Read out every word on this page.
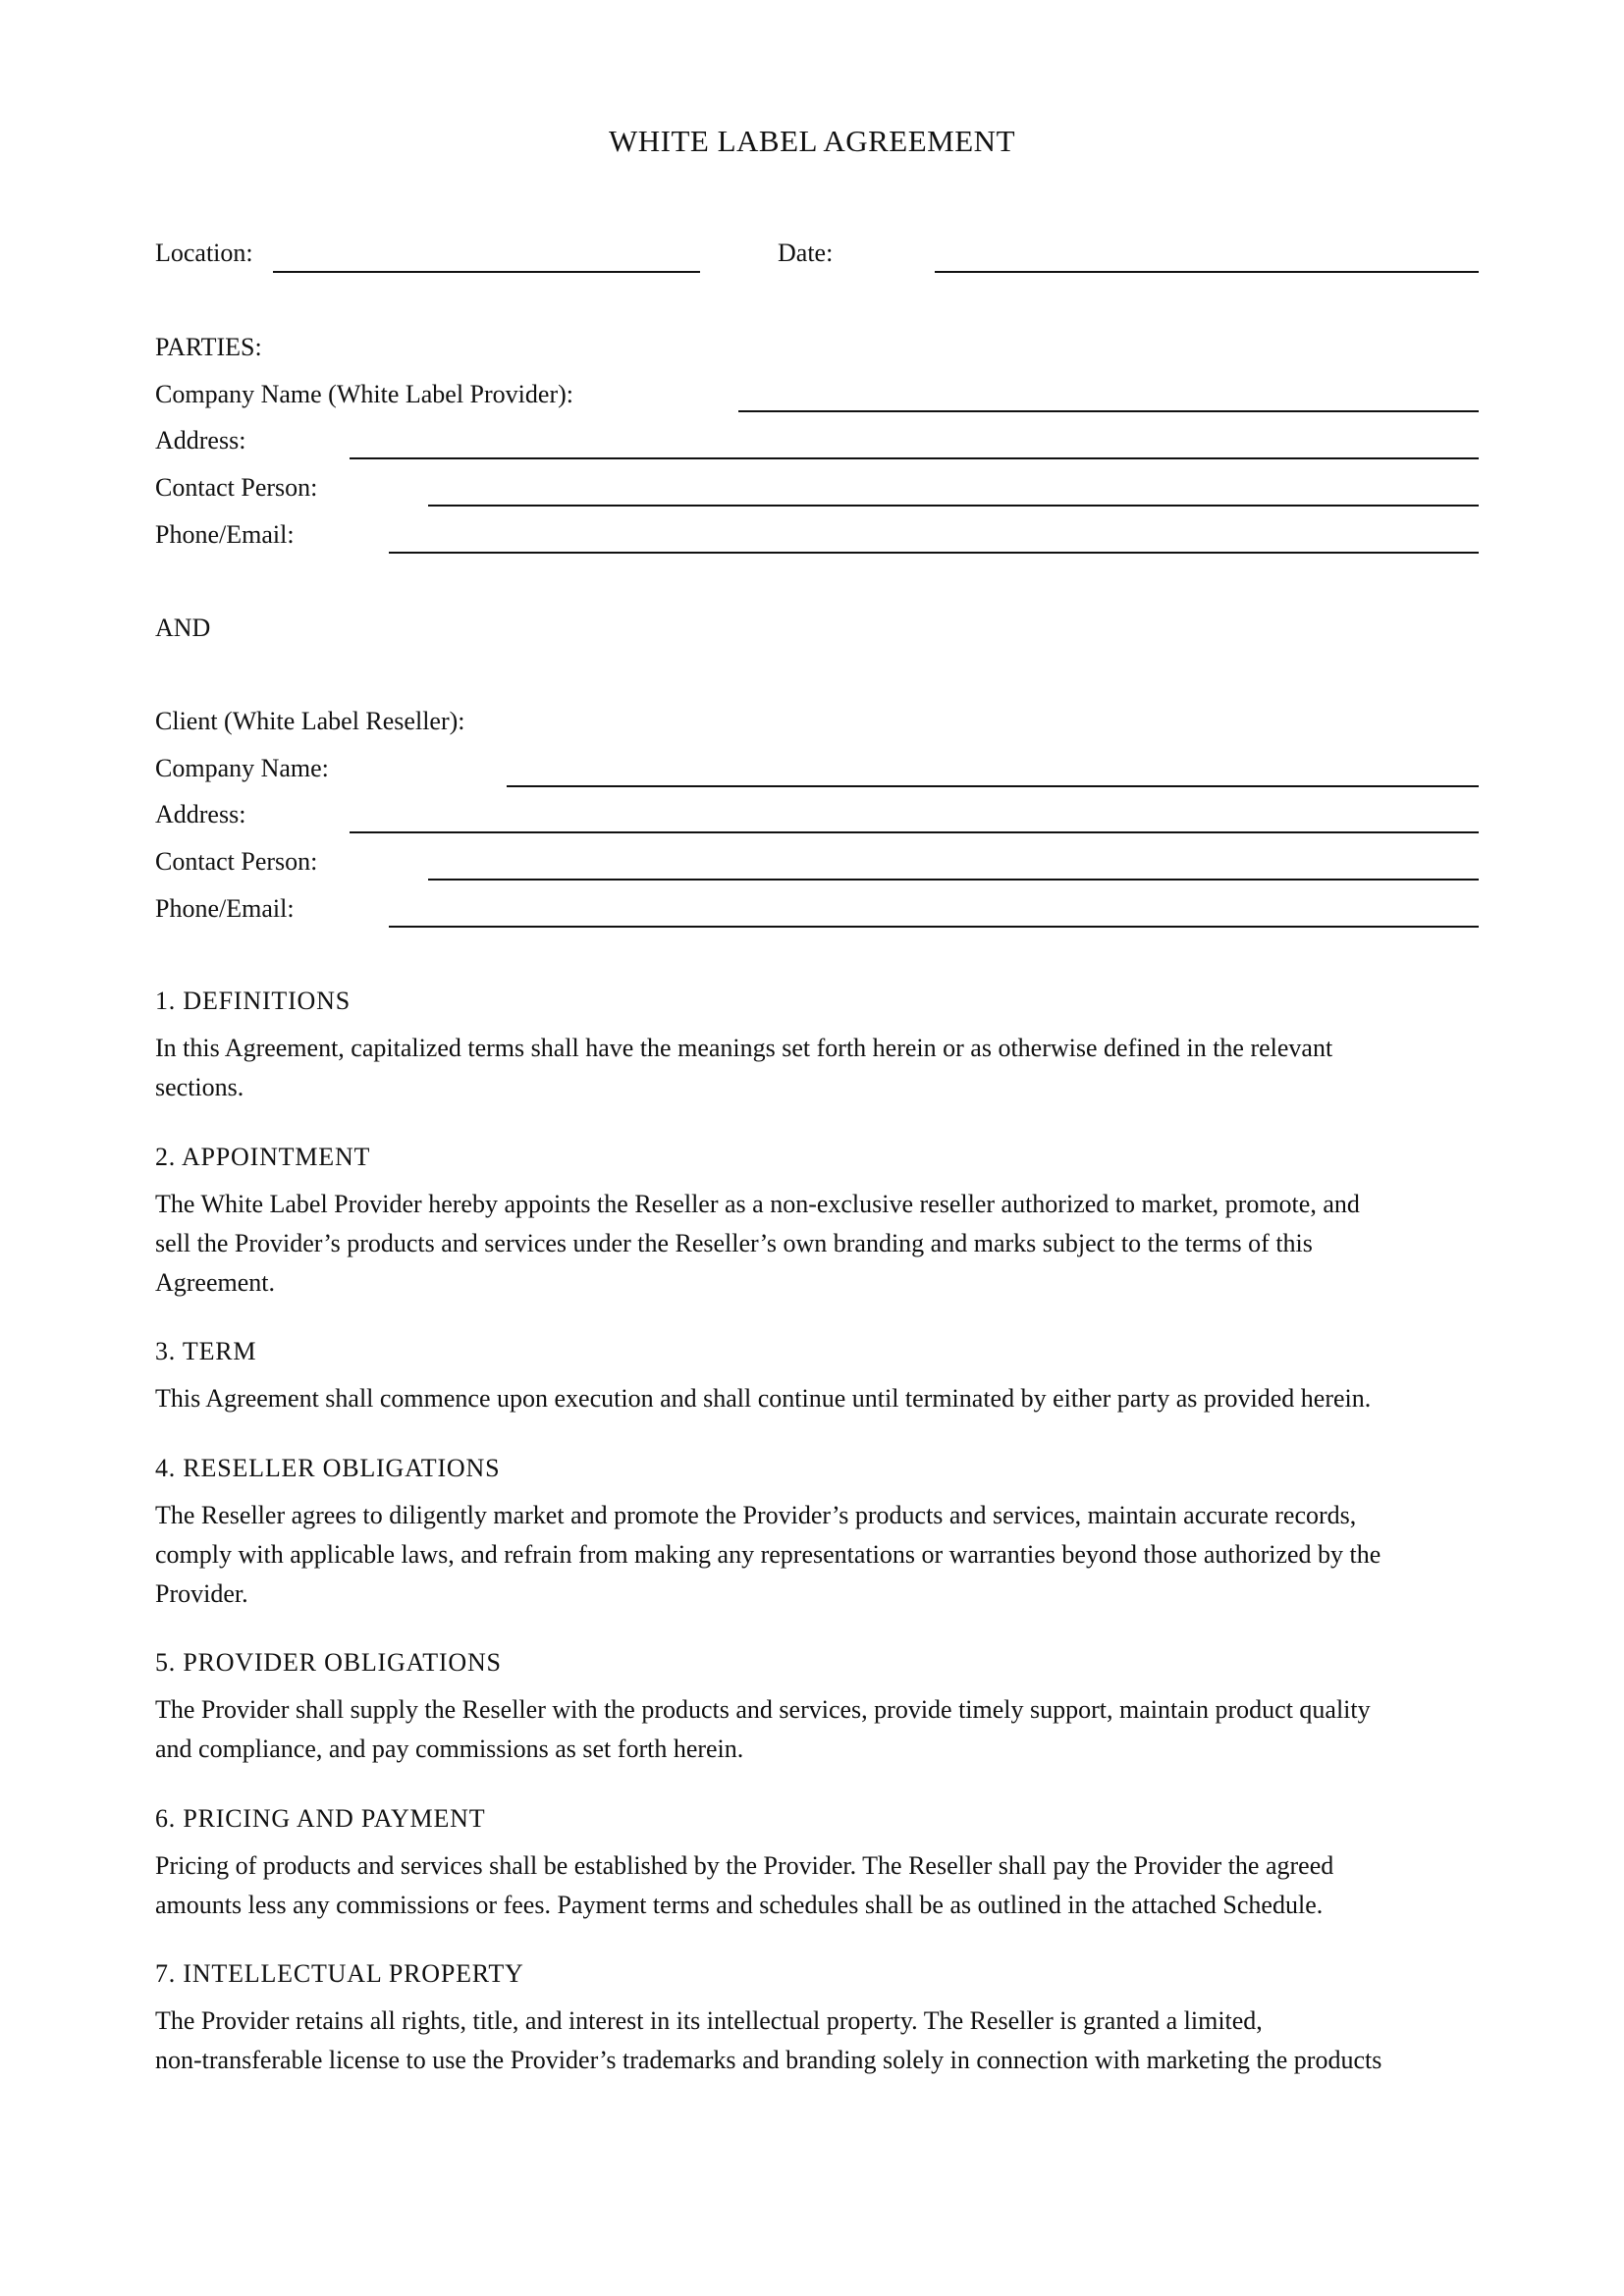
WHITE LABEL AGREEMENT
Location:	Date:
PARTIES:
Company Name (White Label Provider):
Address:
Contact Person:
Phone/Email:
AND
Client (White Label Reseller):
Company Name:
Address:
Contact Person:
Phone/Email:
1. DEFINITIONS
In this Agreement, capitalized terms shall have the meanings set forth herein or as otherwise defined in the relevant
sections.
2. APPOINTMENT
The White Label Provider hereby appoints the Reseller as a non-exclusive reseller authorized to market, promote, and
sell the Provider’s products and services under the Reseller’s own branding and marks subject to the terms of this
Agreement.
3. TERM
This Agreement shall commence upon execution and shall continue until terminated by either party as provided herein.
4. RESELLER OBLIGATIONS
The Reseller agrees to diligently market and promote the Provider’s products and services, maintain accurate records,
comply with applicable laws, and refrain from making any representations or warranties beyond those authorized by the
Provider.
5. PROVIDER OBLIGATIONS
The Provider shall supply the Reseller with the products and services, provide timely support, maintain product quality
and compliance, and pay commissions as set forth herein.
6. PRICING AND PAYMENT
Pricing of products and services shall be established by the Provider. The Reseller shall pay the Provider the agreed
amounts less any commissions or fees. Payment terms and schedules shall be as outlined in the attached Schedule.
7. INTELLECTUAL PROPERTY
The Provider retains all rights, title, and interest in its intellectual property. The Reseller is granted a limited,
non-transferable license to use the Provider’s trademarks and branding solely in connection with marketing the products
